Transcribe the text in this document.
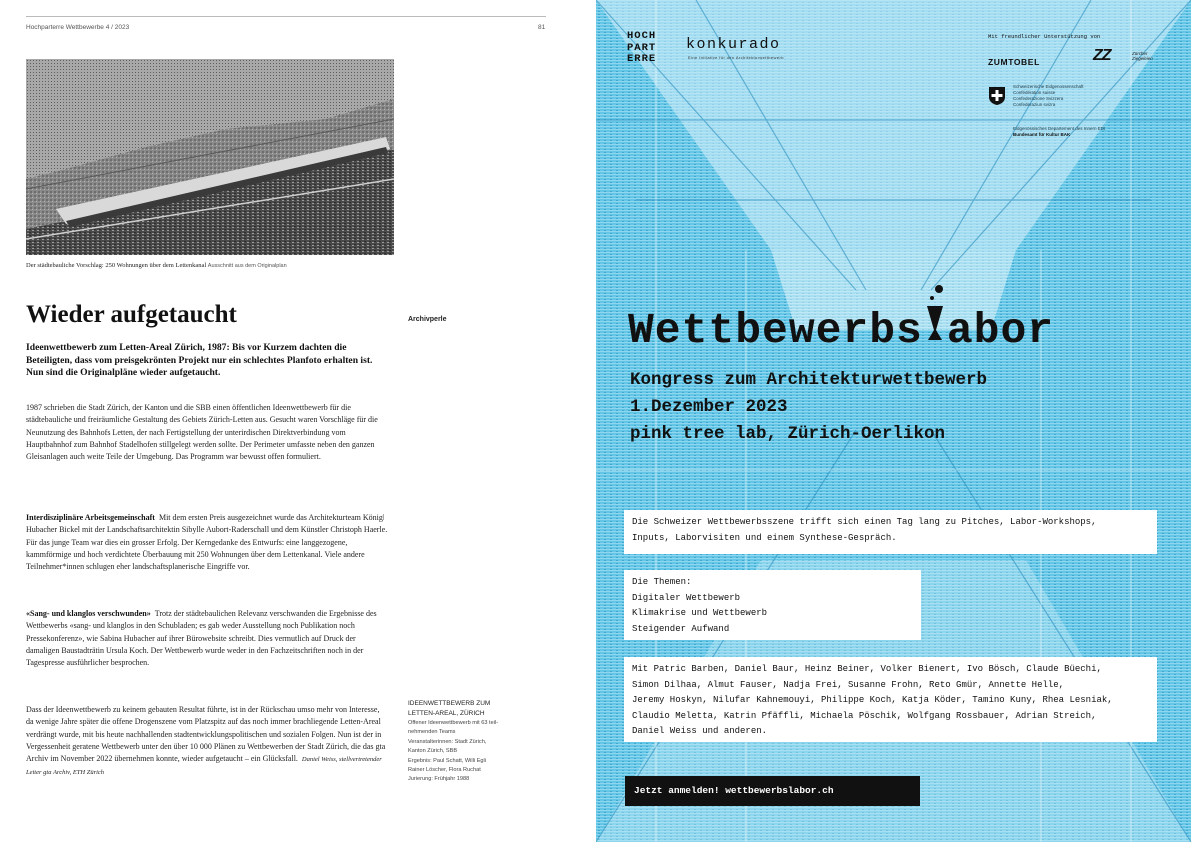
Hochparterre Wettbewerbe 4 / 2023	81
Der städtebauliche Vorschlag: 250 Wohnungen über dem Lettenkanal Ausschnitt aus dem Originalplan
Wieder aufgetaucht	Archivperle

Ideenwettbewerb zum Letten-Areal Zürich, 1987: Bis vor Kurzem dachten die Beteiligten, dass vom preisgekrönten Projekt nur ein schlechtes Planfoto erhalten ist. Nun sind die Originalpläne wieder aufgetaucht.

1987 schrieben die Stadt Zürich, der Kanton und die SBB einen öffentlichen Ideenwettbewerb für die städtebauliche und freiräumliche Gestaltung des Gebiets Zürich-Letten aus. Gesucht waren Vorschläge für die Neunutzung des Bahnhofs Letten, der nach Fertigstellung der unterirdischen Direktverbindung vom Hauptbahnhof zum Bahnhof Stadelhofen stillgelegt werden sollte. Der Perimeter umfasste neben den ganzen Gleisanlagen auch weite Teile der Umgebung. Das Programm war bewusst offen formuliert.

Interdisziplinäre Arbeitsgemeinschaft Mit dem ersten Preis ausgezeichnet wurde das Architekturteam Königǀ Hubacher Bickel mit der Landschaftsarchitektin Sibylle Aubort-Raderschall und dem Künstler Christoph Haerle. Für das junge Team war dies ein grosser Erfolg. Der Kerngedanke des Entwurfs: eine langgezogene, kammförmige und hoch verdichtete Überbauung mit 250 Wohnungen über dem Lettenkanal. Viele andere Teilnehmer*innen schlugen eher landschaftsplanerische Eingriffe vor.

«Sang- und klanglos verschwunden» Trotz der städtebaulichen Relevanz verschwanden die Ergebnisse des Wettbewerbs «sang- und klanglos in den Schubladen; es gab weder Ausstellung noch Publikation noch Pressekonferenz», wie Sabina Hubacher auf ihrer Bürowebsite schreibt. Dies vermutlich auf Druck der damaligen Baustadträtin Ursula Koch. Der Wettbewerb wurde weder in den Fachzeitschriften noch in der Tagespresse ausführlicher besprochen.

Dass der Ideenwettbewerb zu keinem gebauten Resultat führte, ist in der Rückschau umso mehr von Interesse, da wenige Jahre später die offene Drogenszene vom Platzspitz auf das noch immer brachliegende Letten-Areal verdrängt wurde, mit bis heute nachhallenden stadtentwicklungspolitischen und sozialen Folgen. Nun ist der in Vergessenheit geratene Wettbewerb unter den über 10 000 Plänen zu Wettbewerben der Stadt Zürich, die das gta Archiv im November 2022 übernehmen konnte, wieder aufgetaucht – ein Glücksfall. Daniel Weiss, stellvertretender Leiter gta Archiv, ETH Zürich

IDEENWETTBEWERB ZUM
LETTEN-AREAL, ZÜRICH
Offener Ideenwettbewerb mit 63 teil-
nehmenden Teams
Veranstalterinnen: Stadt Zürich,
Kanton Zürich, SBB
Ergebnis: Paul Schatt, Willi Egli
Rainer Löscher, Flora Ruchat
Jurierung: Frühjahr 1988
HOCH
PART
ERRE
konkurado
Eine Initiative für den Architekturwettbewerb
Mit freundlicher Unterstützung von
ZUMTOBEL	ZZ	Zürcher
Ziegeleien
Schweizerische Eidgenossenschaft
Confédération suisse
Confederazione Svizzera
Confederaziun svizra
Eidgenössisches Departement des Innern EDI
Bundesamt für Kultur BAK
Wettbewerbs abor
Kongress zum Architekturwettbewerb
1.Dezember 2023
pink tree lab, Zürich-Oerlikon
Die Schweizer Wettbewerbsszene trifft sich einen Tag lang zu Pitches, Labor-Workshops,
Inputs, Laborvisiten und einem Synthese-Gespräch.
Die Themen:
Digitaler Wettbewerb
Klimakrise und Wettbewerb
Steigender Aufwand
Mit Patric Barben, Daniel Baur, Heinz Beiner, Volker Bienert, Ivo Bösch, Claude Büechi,
Simon Dilhaa, Almut Fauser, Nadja Frei, Susanne Frohn, Reto Gmür, Annette Helle,
Jeremy Hoskyn, Nilufar Kahnemouyi, Philippe Koch, Katja Köder, Tamino Kuny, Rhea Lesniak,
Claudio Meletta, Katrin Pfäffli, Michaela Pöschik, Wolfgang Rossbauer, Adrian Streich,
Daniel Weiss und anderen.
Jetzt anmelden! wettbewerbslabor.ch
